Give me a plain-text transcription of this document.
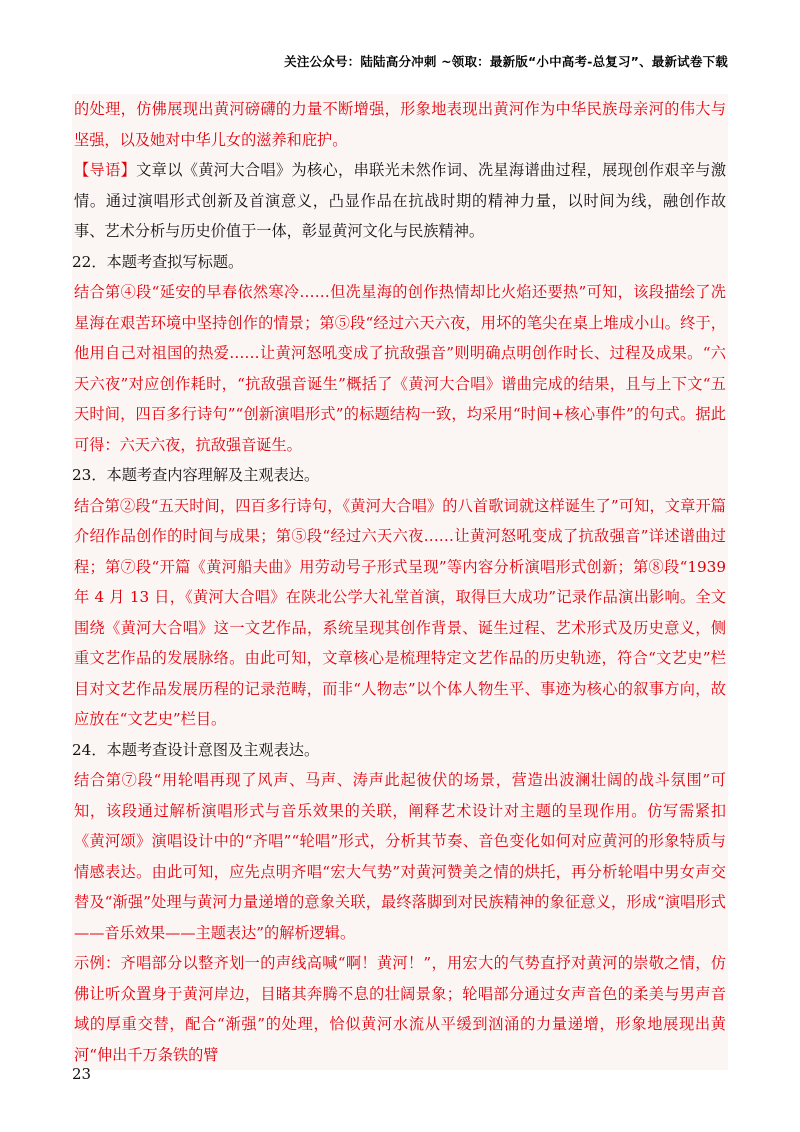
关注公众号：陆陆高分冲刺 ~领取：最新版“小中高考-总复习”、最新试卷下载

的处理，仿佛展现出黄河磅礴的力量不断增强，形象地表现出黄河作为中华民族母亲河的伟大与坚强，以及她对中华儿女的滋养和庇护。

【导语】文章以《黄河大合唱》为核心，串联光未然作词、冼星海谱曲过程，展现创作艰辛与激情。通过演唱形式创新及首演意义，凸显作品在抗战时期的精神力量，以时间为线，融创作故事、艺术分析与历史价值于一体，彰显黄河文化与民族精神。

22．本题考查拟写标题。

结合第④段“延安的早春依然寒冷……但冼星海的创作热情却比火焰还要热”可知，该段描绘了冼星海在艰苦环境中坚持创作的情景；第⑤段“经过六天六夜，用坏的笔尖在桌上堆成小山。终于，他用自己对祖国的热爱……让黄河怒吼变成了抗敌强音”则明确点明创作时长、过程及成果。“六天六夜”对应创作耗时，“抗敌强音诞生”概括了《黄河大合唱》谱曲完成的结果，且与上下文“五天时间，四百多行诗句”“创新演唱形式”的标题结构一致，均采用“时间+核心事件”的句式。据此可得：六天六夜，抗敌强音诞生。

23．本题考查内容理解及主观表达。

结合第②段“五天时间，四百多行诗句，《黄河大合唱》的八首歌词就这样诞生了”可知，文章开篇介绍作品创作的时间与成果；第⑤段“经过六天六夜……让黄河怒吼变成了抗敌强音”详述谱曲过程；第⑦段“开篇《黄河船夫曲》用劳动号子形式呈现”等内容分析演唱形式创新；第⑧段“1939 年 4 月 13 日，《黄河大合唱》在陕北公学大礼堂首演，取得巨大成功”记录作品演出影响。全文围绕《黄河大合唱》这一文艺作品，系统呈现其创作背景、诞生过程、艺术形式及历史意义，侧重文艺作品的发展脉络。由此可知，文章核心是梳理特定文艺作品的历史轨迹，符合“文艺史”栏目对文艺作品发展历程的记录范畴，而非“人物志”以个体人物生平、事迹为核心的叙事方向，故应放在“文艺史”栏目。

24．本题考查设计意图及主观表达。

结合第⑦段“用轮唱再现了风声、马声、涛声此起彼伏的场景，营造出波澜壮阔的战斗氛围”可知，该段通过解析演唱形式与音乐效果的关联，阐释艺术设计对主题的呈现作用。仿写需紧扣《黄河颂》演唱设计中的“齐唱”“轮唱”形式，分析其节奏、音色变化如何对应黄河的形象特质与情感表达。由此可知，应先点明齐唱“宏大气势”对黄河赞美之情的烘托，再分析轮唱中男女声交替及“渐强”处理与黄河力量递增的意象关联，最终落脚到对民族精神的象征意义，形成“演唱形式——音乐效果——主题表达”的解析逻辑。

示例：齐唱部分以整齐划一的声线高喊“啊！黄河！”，用宏大的气势直抒对黄河的崇敬之情，仿佛让听众置身于黄河岸边，目睹其奔腾不息的壮阔景象；轮唱部分通过女声音色的柔美与男声音域的厚重交替，配合“渐强”的处理，恰似黄河水流从平缓到汹涌的力量递增，形象地展现出黄河“伸出千万条铁的臂

23
